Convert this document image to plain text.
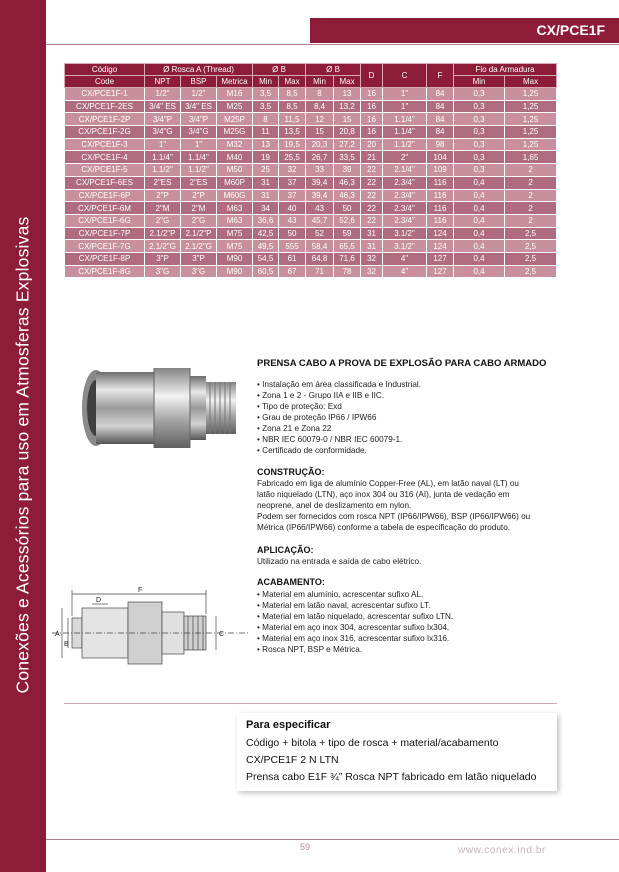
Conexões e Acessórios para uso em Atmosferas Explosivas
CX/PCE1F
Código	Ø Rosca A (Thread)			Ø B		Ø B		D	C	F	Fio da Armadura	
Code	NPT	BSP	Metrica	Min	Max	Min	Max				Min	Max
CX/PCE1F-1	1/2"	1/2"	M16	3,5	8,5	8	13	16	1"	84	0,3	1,25
CX/PCE1F-2ES	3/4" ES	3/4" ES	M25	3,5	8,5	8,4	13,2	16	1"	84	0,3	1,25
CX/PCE1F-2P	3/4"P	3/4"P	M25P	8	11,5	12	15	16	1.1/4"	84	0,3	1,25
CX/PCE1F-2G	3/4"G	3/4"G	M25G	11	13,5	15	20,8	16	1.1/4"	84	0,3	1,25
CX/PCE1F-3	1"	1"	M32	13	19,5	20,3	27,2	20	1.1/2"	98	0,3	1,25
CX/PCE1F-4	1.1/4"	1.1/4"	M40	19	25,5	26,7	33,5	21	2"	104	0,3	1,65
CX/PCE1F-5	1.1/2"	1.1/2"	M50	25	32	33	39	22	2.1/4"	109	0,3	2
CX/PCE1F-6ES	2"ES	2"ES	M60P	31	37	39,4	46,3	22	2.3/4"	116	0,4	2
CX/PCE1F-6P	2"P	2"P	M60G	31	37	39,4	46,3	22	2.3/4"	116	0,4	2
CX/PCE1F-6M	2"M	2"M	M63	34	40	43	50	22	2.3/4"	116	0,4	2
CX/PCE1F-6G	2"G	2"G	M63	36,6	43	45,7	52,6	22	2.3/4"	116	0,4	2
CX/PCE1F-7P	2.1/2"P	2.1/2"P	M75	42,5	50	52	59	31	3.1/2"	124	0,4	2,5
CX/PCE1F-7G	2.1/2"G	2.1/2"G	M75	49,5	555	58,4	65,5	31	3.1/2"	124	0,4	2,5
CX/PCE1F-8P	3"P	3"P	M90	54,5	61	64,8	71,6	32	4"	127	0,4	2,5
CX/PCE1F-8G	3"G	3"G	M90	60,5	67	71	78	32	4"	127	0,4	2,5
PRENSA CABO A PROVA DE EXPLOSÃO PARA CABO ARMADO
• Instalação em área classificada e Industrial.
• Zona 1 e 2 - Grupo IIA e IIB e IIC.
• Tipo de proteção: Exd
• Grau de proteção IP66 / IPW66
• Zona 21 e Zona 22
• NBR IEC 60079-0 / NBR IEC 60079-1.
• Certificado de conformidade.
CONSTRUÇÃO:
Fabricado em liga de alumínio Copper-Free (AL), em latão naval (LT) ou
latão niquelado (LTN), aço inox 304 ou 316 (AI), junta de vedação em
neoprene, anel de deslizamento em nylon.
Podem ser fornecidos com rosca NPT (IP66/IPW66), BSP (IP66/IPW66) ou
Métrica (IP66/IPW66) conforme a tabela de especificação do produto.
APLICAÇÃO:
Utilizado na entrada e saída de cabo elétrico.
ACABAMENTO:
• Material em alumínio, acrescentar sufixo AL.
• Material em latão naval, acrescentar sufixo LT.
• Material em latão niquelado, acrescentar sufixo LTN.
• Material em aço inox 304, acrescentar sufixo Ix304.
• Material em aço inox 316, acrescentar sufixo Ix316.
• Rosca NPT, BSP e Métrica.
F
D
A
B
C
Para especificar
Código + bitola + tipo de rosca + material/acabamento
CX/PCE1F 2 N LTN
Prensa cabo E1F ¾” Rosca NPT fabricado em latão niquelado
59	www.conex.ind.br
